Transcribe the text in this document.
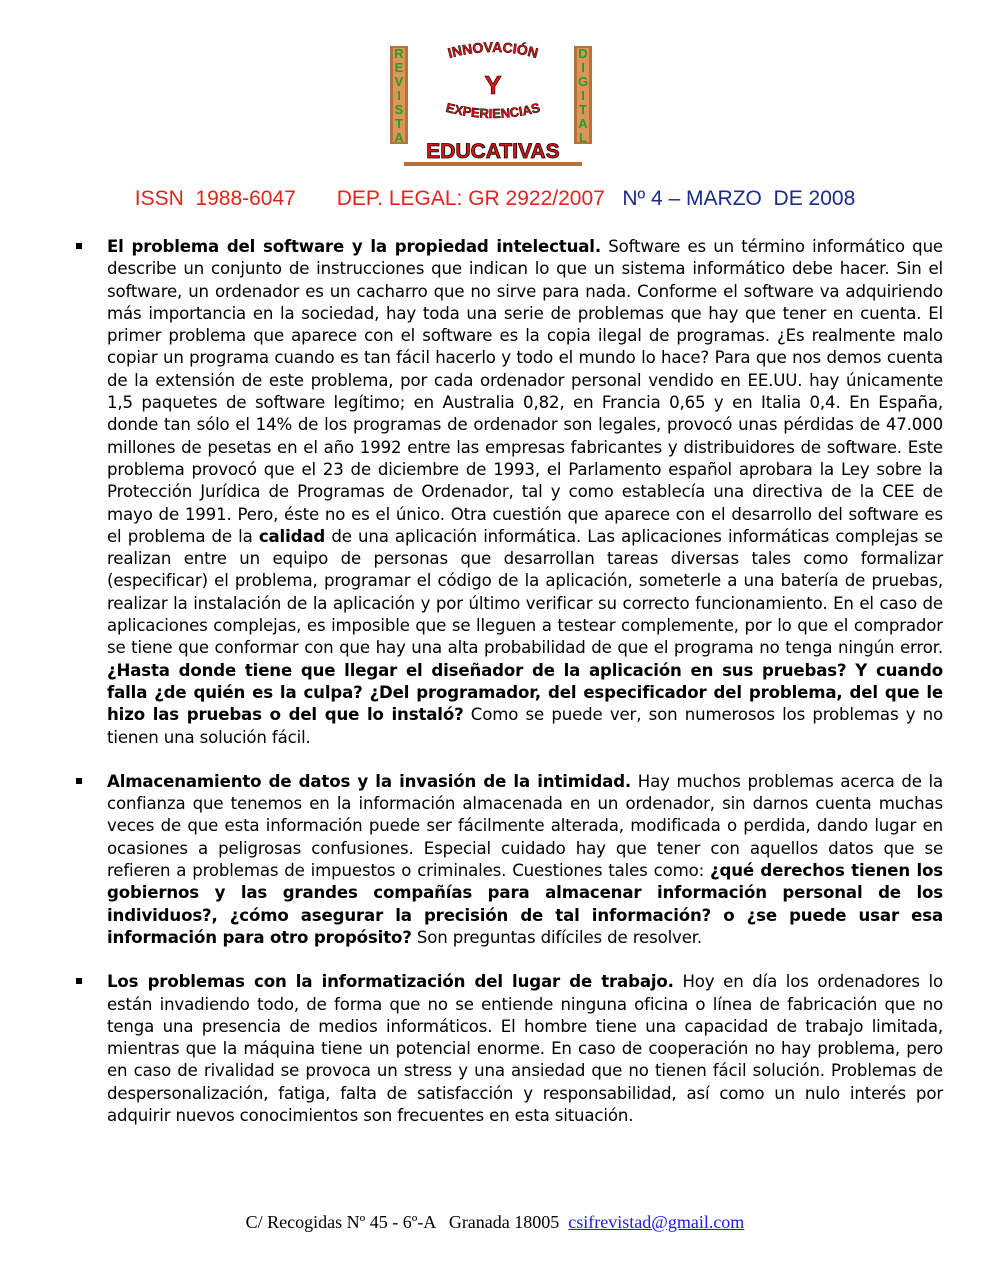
R
E
V
I
S
T
A
D
I
G
I
T
A
L
INNOVACIÓN
Y
EXPERIENCIAS
EDUCATIVAS
ISSN 1988-6047 DEP. LEGAL: GR 2922/2007 Nº 4 – MARZO  DE 2008

El problema del software y la propiedad intelectual. Software es un término informático que describe un conjunto de instrucciones que indican lo que un sistema informático debe hacer. Sin el software, un ordenador es un cacharro que no sirve para nada. Conforme el software va adquiriendo más importancia en la sociedad, hay toda una serie de problemas que hay que tener en cuenta. El primer problema que aparece con el software es la copia ilegal de programas. ¿Es realmente malo copiar un programa cuando es tan fácil hacerlo y todo el mundo lo hace? Para que nos demos cuenta de la extensión de este problema, por cada ordenador personal vendido en EE.UU. hay únicamente 1,5 paquetes de software legítimo; en Australia 0,82, en Francia 0,65 y en Italia 0,4. En España, donde tan sólo el 14% de los programas de ordenador son legales, provocó unas pérdidas de 47.000 millones de pesetas en el año 1992 entre las empresas fabricantes y distribuidores de software. Este problema provocó que el 23 de diciembre de 1993, el Parlamento español aprobara la Ley sobre la Protección Jurídica de Programas de Ordenador, tal y como establecía una directiva de la CEE de mayo de 1991. Pero, éste no es el único. Otra cuestión que aparece con el desarrollo del software es el problema de la calidad de una aplicación informática. Las aplicaciones informáticas complejas se realizan entre un equipo de personas que desarrollan tareas diversas tales como formalizar (especificar) el problema, programar el código de la aplicación, someterle a una batería de pruebas, realizar la instalación de la aplicación y por último verificar su correcto funcionamiento. En el caso de aplicaciones complejas, es imposible que se lleguen a testear complemente, por lo que el comprador se tiene que conformar con que hay una alta probabilidad de que el programa no tenga ningún error. ¿Hasta donde tiene que llegar el diseñador de la aplicación en sus pruebas? Y cuando falla ¿de quién es la culpa? ¿Del programador, del especificador del problema, del que le hizo las pruebas o del que lo instaló? Como se puede ver, son numerosos los problemas y no tienen una solución fácil.

Almacenamiento de datos y la invasión de la intimidad. Hay muchos problemas acerca de la confianza que tenemos en la información almacenada en un ordenador, sin darnos cuenta muchas veces de que esta información puede ser fácilmente alterada, modificada o perdida, dando lugar en ocasiones a peligrosas confusiones. Especial cuidado hay que tener con aquellos datos que se refieren a problemas de impuestos o criminales. Cuestiones tales como: ¿qué derechos tienen los gobiernos y las grandes compañías para almacenar información personal de los individuos?, ¿cómo asegurar la precisión de tal información? o ¿se puede usar esa información para otro propósito? Son preguntas difíciles de resolver.

Los problemas con la informatización del lugar de trabajo. Hoy en día los ordenadores lo están invadiendo todo, de forma que no se entiende ninguna oficina o línea de fabricación que no tenga una presencia de medios informáticos. El hombre tiene una capacidad de trabajo limitada, mientras que la máquina tiene un potencial enorme. En caso de cooperación no hay problema, pero en caso de rivalidad se provoca un stress y una ansiedad que no tienen fácil solución. Problemas de despersonalización, fatiga, falta de satisfacción y responsabilidad, así como un nulo interés por adquirir nuevos conocimientos son frecuentes en esta situación.

C/ Recogidas Nº 45 - 6º-A   Granada 18005  csifrevistad@gmail.com
